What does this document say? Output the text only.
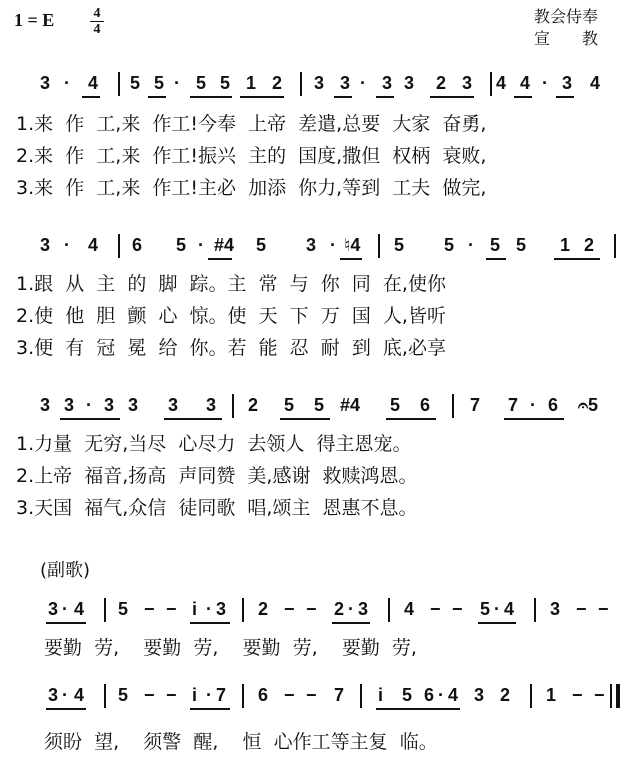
1 = E	4
4
教会侍奉
宣　　教
3 · 4 5 5 · 5 5 1 2 3 3 · 3 3 2 3 4 4 · 3 4
1.来  作  工,来  作工!今奉  上帝  差遣,总要  大家  奋勇,
2.来  作  工,来  作工!振兴  主的  国度,撒但  权柄  衰败,
3.来  作  工,来  作工!主必  加添  你力,等到  工夫  做完,
3 · 4 6 5 · #4 5 3 · ♮4 5 5 · 5 5 1 2
1.跟  从  主  的  脚  踪。主  常  与  你  同  在,使你
2.使  他  胆  颤  心  惊。使  天  下  万  国  人,皆听
3.便  有  冠  冕  给  你。若  能  忍  耐  到  底,必享
3 3 · 3 3 3 3 2 5 5 #4 5 6 7 7 · 6 𝄐5
1.力量  无穷,当尽  心尽力  去领人  得主恩宠。
2.上帝  福音,扬高  声同赞  美,感谢  救赎鸿恩。
3.天国  福气,众信  徒同歌  唱,颂主  恩惠不息。
(副歌)
3 · 4 5 − − i · 3 2 − − 2 · 3 4 − − 5 · 4 3 − −
要勤  劳,    要勤  劳,    要勤  劳,    要勤  劳,
3 · 4 5 − − i · 7 6 − − 7 i 5 6 · 4 3 2 1 − −
须盼  望,    须警  醒,    恒  心作工等主复  临。
